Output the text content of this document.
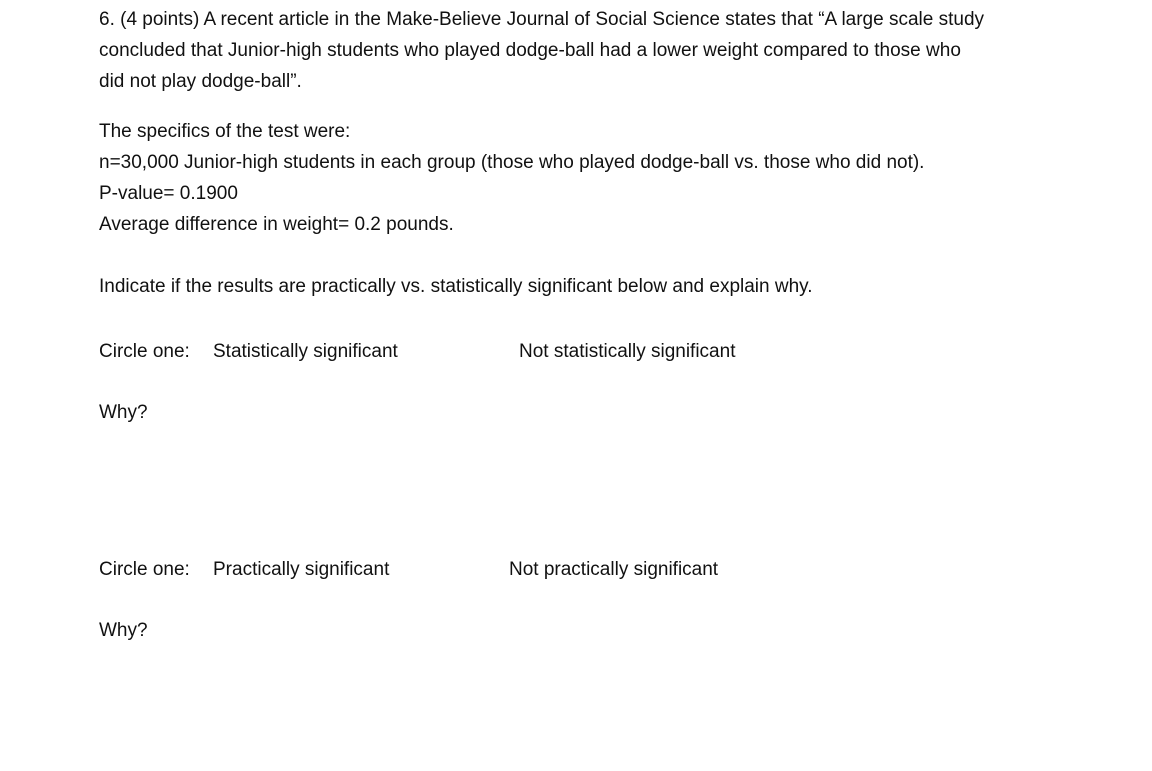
6. (4 points) A recent article in the Make-Believe Journal of Social Science states that “A large scale study
concluded that Junior-high students who played dodge-ball had a lower weight compared to those who
did not play dodge-ball”.
The specifics of the test were:
n=30,000 Junior-high students in each group (those who played dodge-ball vs. those who did not).
P-value= 0.1900
Average difference in weight= 0.2 pounds.
Indicate if the results are practically vs. statistically significant below and explain why.
Circle one: Statistically significant	Not statistically significant
Why?
Circle one: Practically significant	Not practically significant
Why?
